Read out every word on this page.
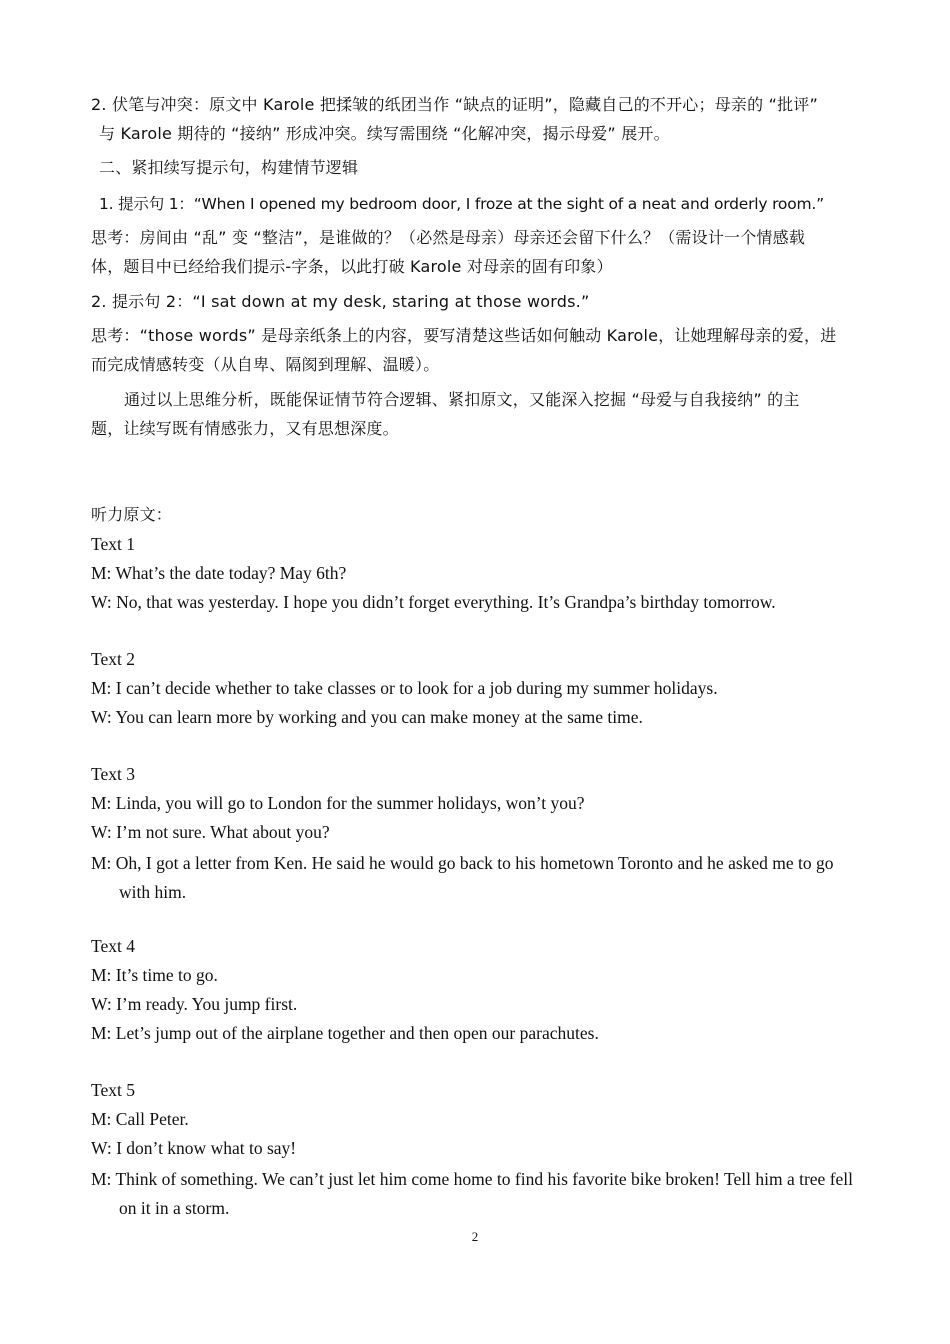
2. 伏笔与冲突：原文中 Karole 把揉皱的纸团当作 “缺点的证明”，隐藏自己的不开心；母亲的 “批评”
与 Karole 期待的 “接纳” 形成冲突。续写需围绕 “化解冲突，揭示母爱” 展开。
二、紧扣续写提示句，构建情节逻辑
1. 提示句 1：“When I opened my bedroom door, I froze at the sight of a neat and orderly room.”
思考：房间由 “乱” 变 “整洁”，是谁做的？（必然是母亲）母亲还会留下什么？（需设计一个情感载
体，题目中已经给我们提示-字条，以此打破 Karole 对母亲的固有印象）
2. 提示句 2：“I sat down at my desk, staring at those words.”
思考：“those words” 是母亲纸条上的内容，要写清楚这些话如何触动 Karole，让她理解母亲的爱，进
而完成情感转变（从自卑、隔阂到理解、温暖）。
通过以上思维分析，既能保证情节符合逻辑、紧扣原文，又能深入挖掘 “母爱与自我接纳” 的主
题，让续写既有情感张力，又有思想深度。
听力原文：
Text 1
M: What’s the date today? May 6th?
W: No, that was yesterday. I hope you didn’t forget everything. It’s Grandpa’s birthday tomorrow.
Text 2
M: I can’t decide whether to take classes or to look for a job during my summer holidays.
W: You can learn more by working and you can make money at the same time.
Text 3
M: Linda, you will go to London for the summer holidays, won’t you?
W: I’m not sure. What about you?
M: Oh, I got a letter from Ken. He said he would go back to his hometown Toronto and he asked me to go with him.
Text 4
M: It’s time to go.
W: I’m ready. You jump first.
M: Let’s jump out of the airplane together and then open our parachutes.
Text 5
M: Call Peter.
W: I don’t know what to say!
M: Think of something. We can’t just let him come home to find his favorite bike broken! Tell him a tree fell on it in a storm.
2
